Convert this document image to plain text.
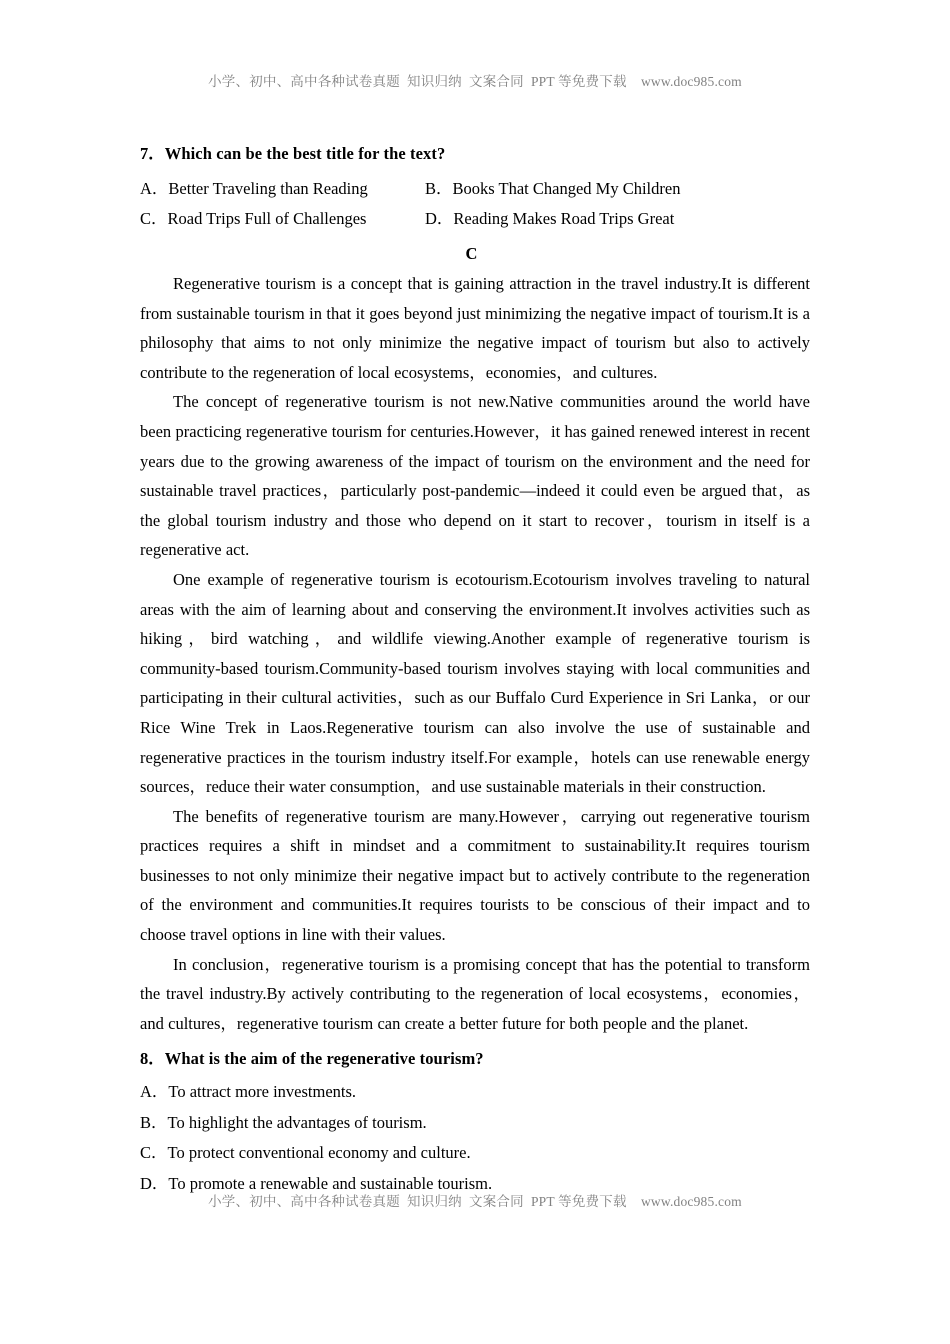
小学、初中、高中各种试卷真题  知识归纳  文案合同  PPT 等免费下载 www.doc985.com

7．Which can be the best title for the text?

A． Better Traveling than Reading	B． Books That Changed My Children
C． Road Trips Full of Challenges	D． Reading Makes Road Trips Great
C

Regenerative tourism is a concept that is gaining attraction in the travel industry.It is different from sustainable tourism in that it goes beyond just minimizing the negative impact of tourism.It is a philosophy that aims to not only minimize the negative impact of tourism but also to actively contribute to the regeneration of local ecosystems，economies，and cultures.

The concept of regenerative tourism is not new.Native communities around the world have been practicing regenerative tourism for centuries.However，it has gained renewed interest in recent years due to the growing awareness of the impact of tourism on the environment and the need for sustainable travel practices，particularly post-pandemic—indeed it could even be argued that，as the global tourism industry and those who depend on it start to recover，tourism in itself is a regenerative act.

One example of regenerative tourism is ecotourism.Ecotourism involves traveling to natural areas with the aim of learning about and conserving the environment.It involves activities such as hiking，bird watching，and wildlife viewing.Another example of regenerative tourism is community-based tourism.Community-based tourism involves staying with local communities and participating in their cultural activities，such as our Buffalo Curd Experience in Sri Lanka，or our Rice Wine Trek in Laos.Regenerative tourism can also involve the use of sustainable and regenerative practices in the tourism industry itself.For example，hotels can use renewable energy sources，reduce their water consumption，and use sustainable materials in their construction.

The benefits of regenerative tourism are many.However，carrying out regenerative tourism practices requires a shift in mindset and a commitment to sustainability.It requires tourism businesses to not only minimize their negative impact but to actively contribute to the regeneration of the environment and communities.It requires tourists to be conscious of their impact and to choose travel options in line with their values.

In conclusion，regenerative tourism is a promising concept that has the potential to transform the travel industry.By actively contributing to the regeneration of local ecosystems，economies，and cultures，regenerative tourism can create a better future for both people and the planet.

8．What is the aim of the regenerative tourism?

A． To attract more investments.
B． To highlight the advantages of tourism.
C． To protect conventional economy and culture.
D． To promote a renewable and sustainable tourism.
小学、初中、高中各种试卷真题  知识归纳  文案合同  PPT 等免费下载 www.doc985.com
